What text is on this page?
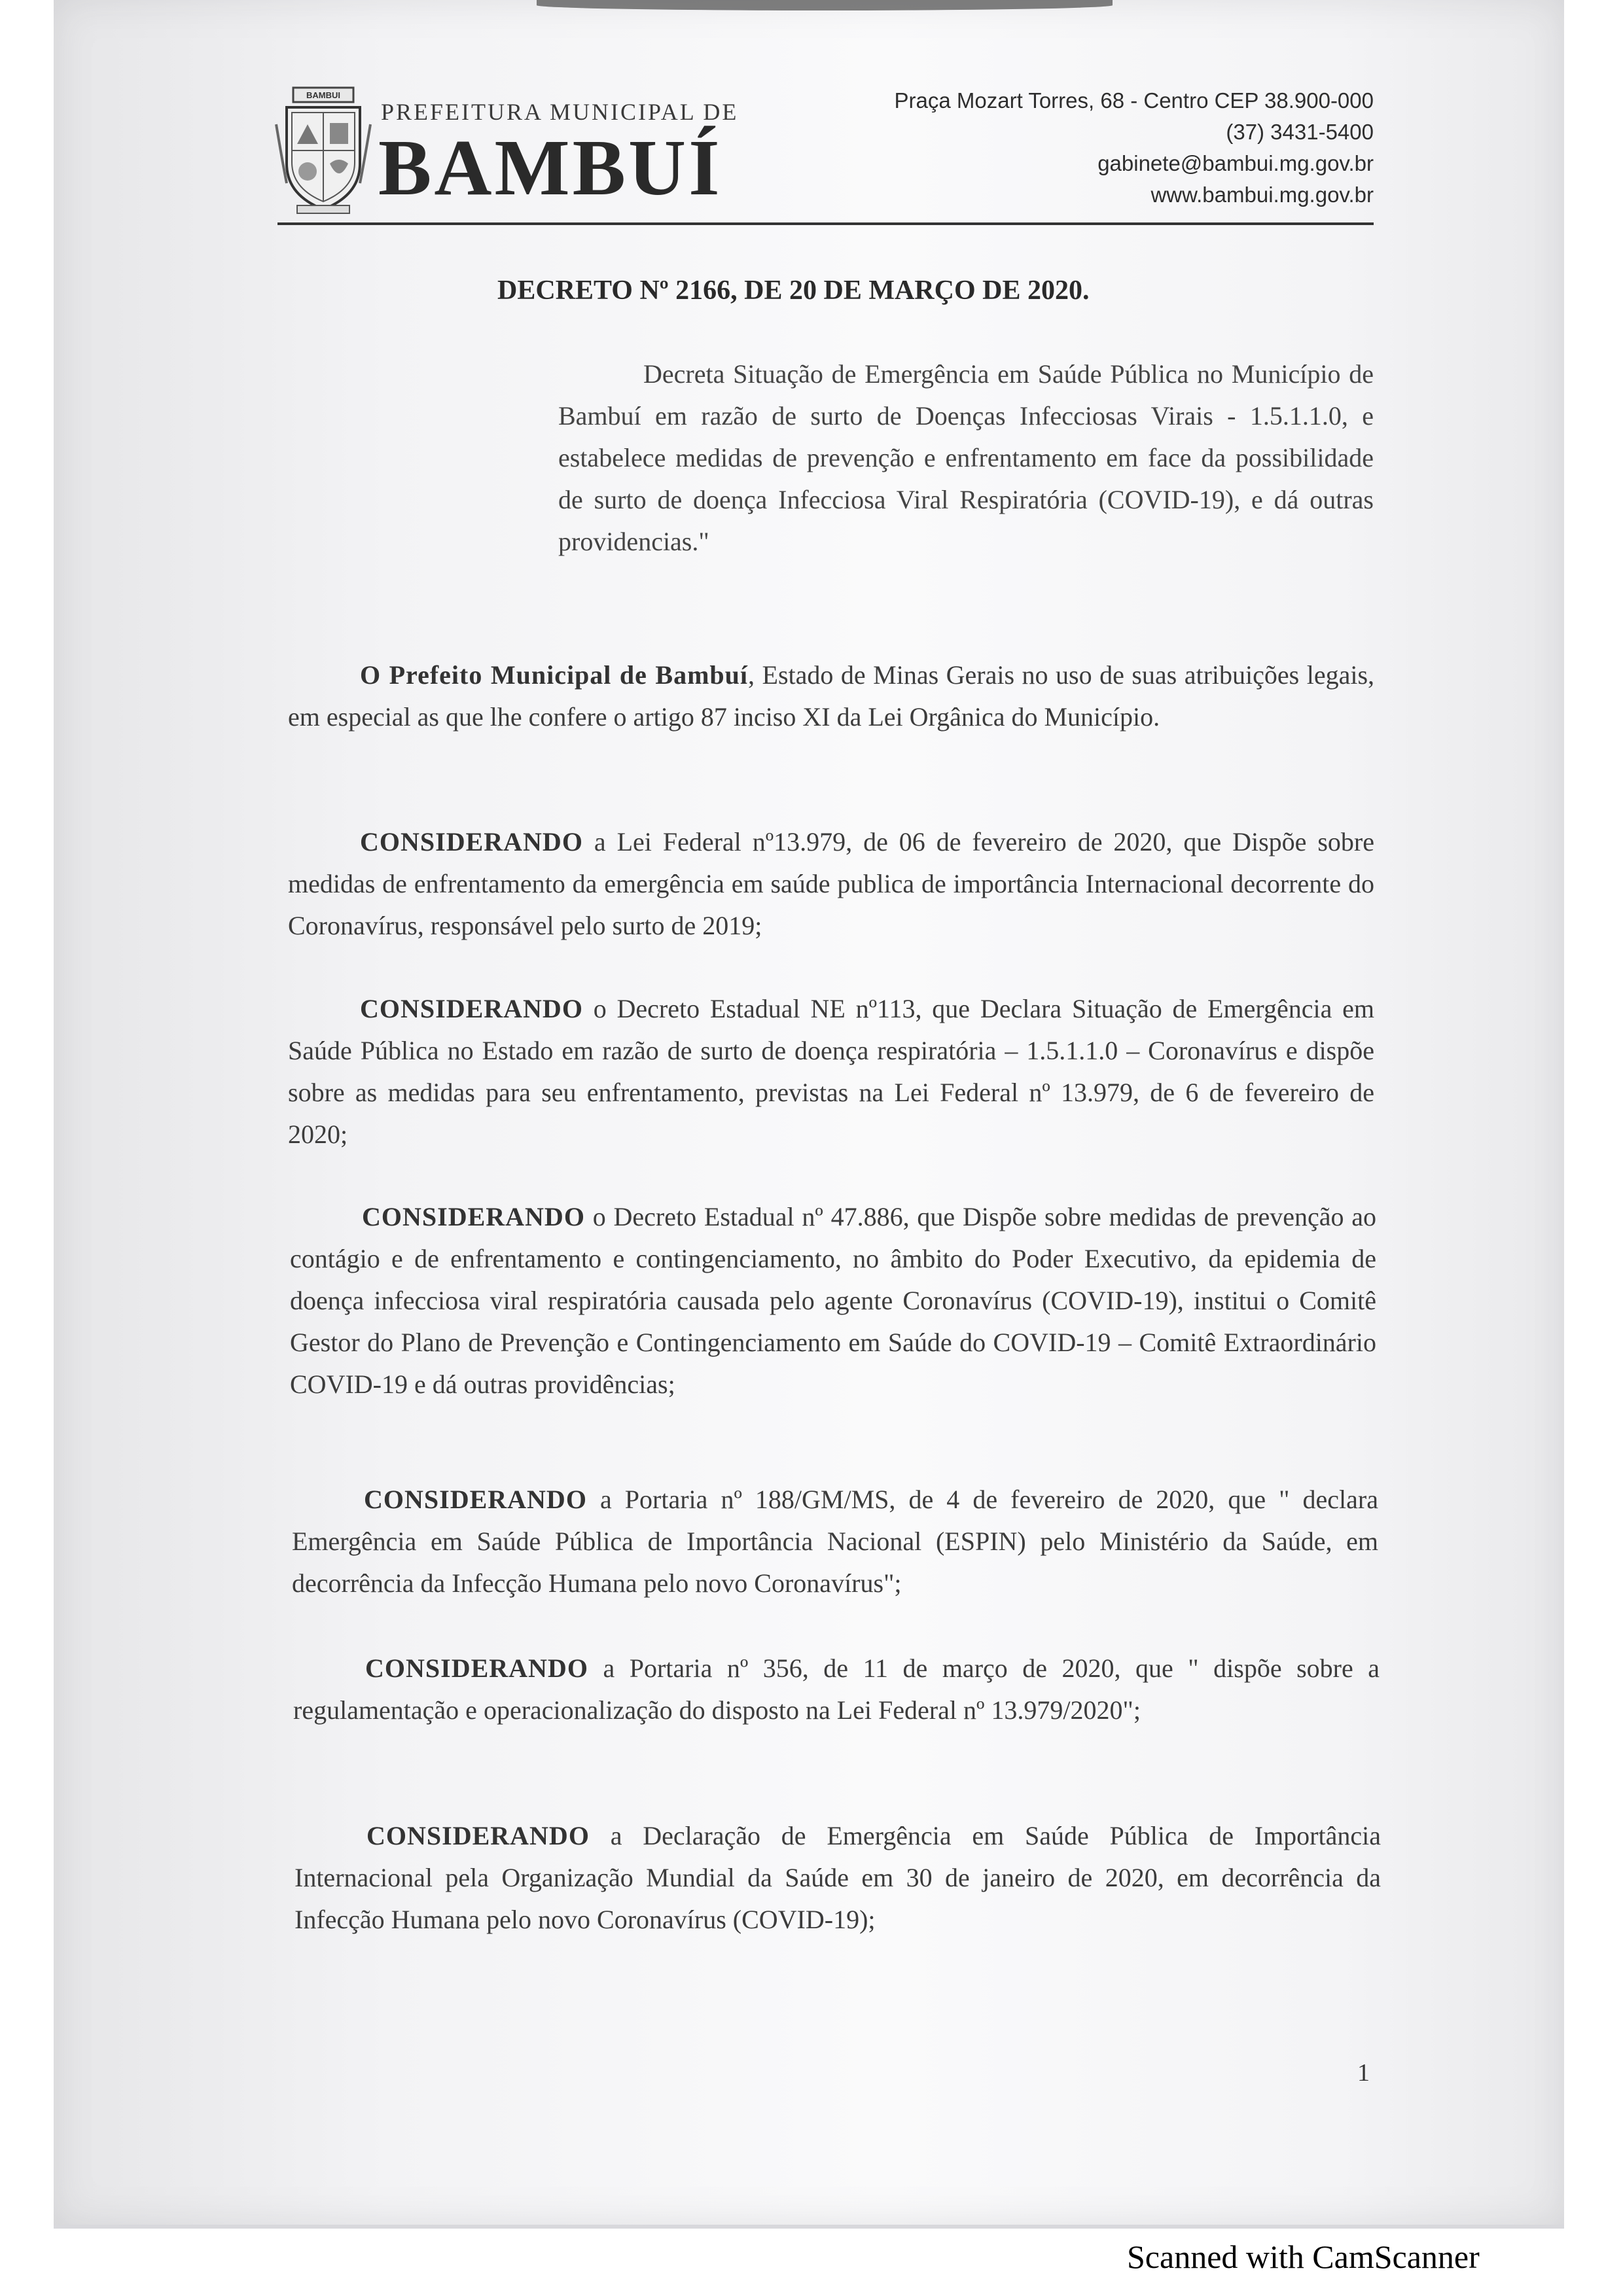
BAMBUI
PREFEITURA MUNICIPAL DE
BAMBUÍ
Praça Mozart Torres, 68 - Centro CEP 38.900-000
(37) 3431-5400
gabinete@bambui.mg.gov.br
www.bambui.mg.gov.br
DECRETO Nº 2166, DE 20 DE MARÇO DE 2020.
Decreta Situação de Emergência em Saúde Pública no Município de Bambuí em razão de surto de Doenças Infecciosas Virais - 1.5.1.1.0, e estabelece medidas de prevenção e enfrentamento em face da possibilidade de surto de doença Infecciosa Viral Respiratória (COVID-19), e dá outras providencias."
O Prefeito Municipal de Bambuí, Estado de Minas Gerais no uso de suas atribuições legais, em especial as que lhe confere o artigo 87 inciso XI da Lei Orgânica do Município.
CONSIDERANDO a Lei Federal nº13.979, de 06 de fevereiro de 2020, que Dispõe sobre medidas de enfrentamento da emergência em saúde publica de importância Internacional decorrente do Coronavírus, responsável pelo surto de 2019;
CONSIDERANDO o Decreto Estadual NE nº113, que Declara Situação de Emergência em Saúde Pública no Estado em razão de surto de doença respiratória – 1.5.1.1.0 – Coronavírus e dispõe sobre as medidas para seu enfrentamento, previstas na Lei Federal nº 13.979, de 6 de fevereiro de 2020;
CONSIDERANDO o Decreto Estadual nº 47.886, que Dispõe sobre medidas de prevenção ao contágio e de enfrentamento e contingenciamento, no âmbito do Poder Executivo, da epidemia de doença infecciosa viral respiratória causada pelo agente Coronavírus (COVID-19), institui o Comitê Gestor do Plano de Prevenção e Contingenciamento em Saúde do COVID-19 – Comitê Extraordinário COVID-19 e dá outras providências;
CONSIDERANDO a Portaria nº 188/GM/MS, de 4 de fevereiro de 2020, que " declara Emergência em Saúde Pública de Importância Nacional (ESPIN) pelo Ministério da Saúde, em decorrência da Infecção Humana pelo novo Coronavírus";
CONSIDERANDO a Portaria nº 356, de 11 de março de 2020, que " dispõe sobre a regulamentação e operacionalização do disposto na Lei Federal nº 13.979/2020";
CONSIDERANDO a Declaração de Emergência em Saúde Pública de Importância Internacional pela Organização Mundial da Saúde em 30 de janeiro de 2020, em decorrência da Infecção Humana pelo novo Coronavírus (COVID-19);
1
Scanned with CamScanner
